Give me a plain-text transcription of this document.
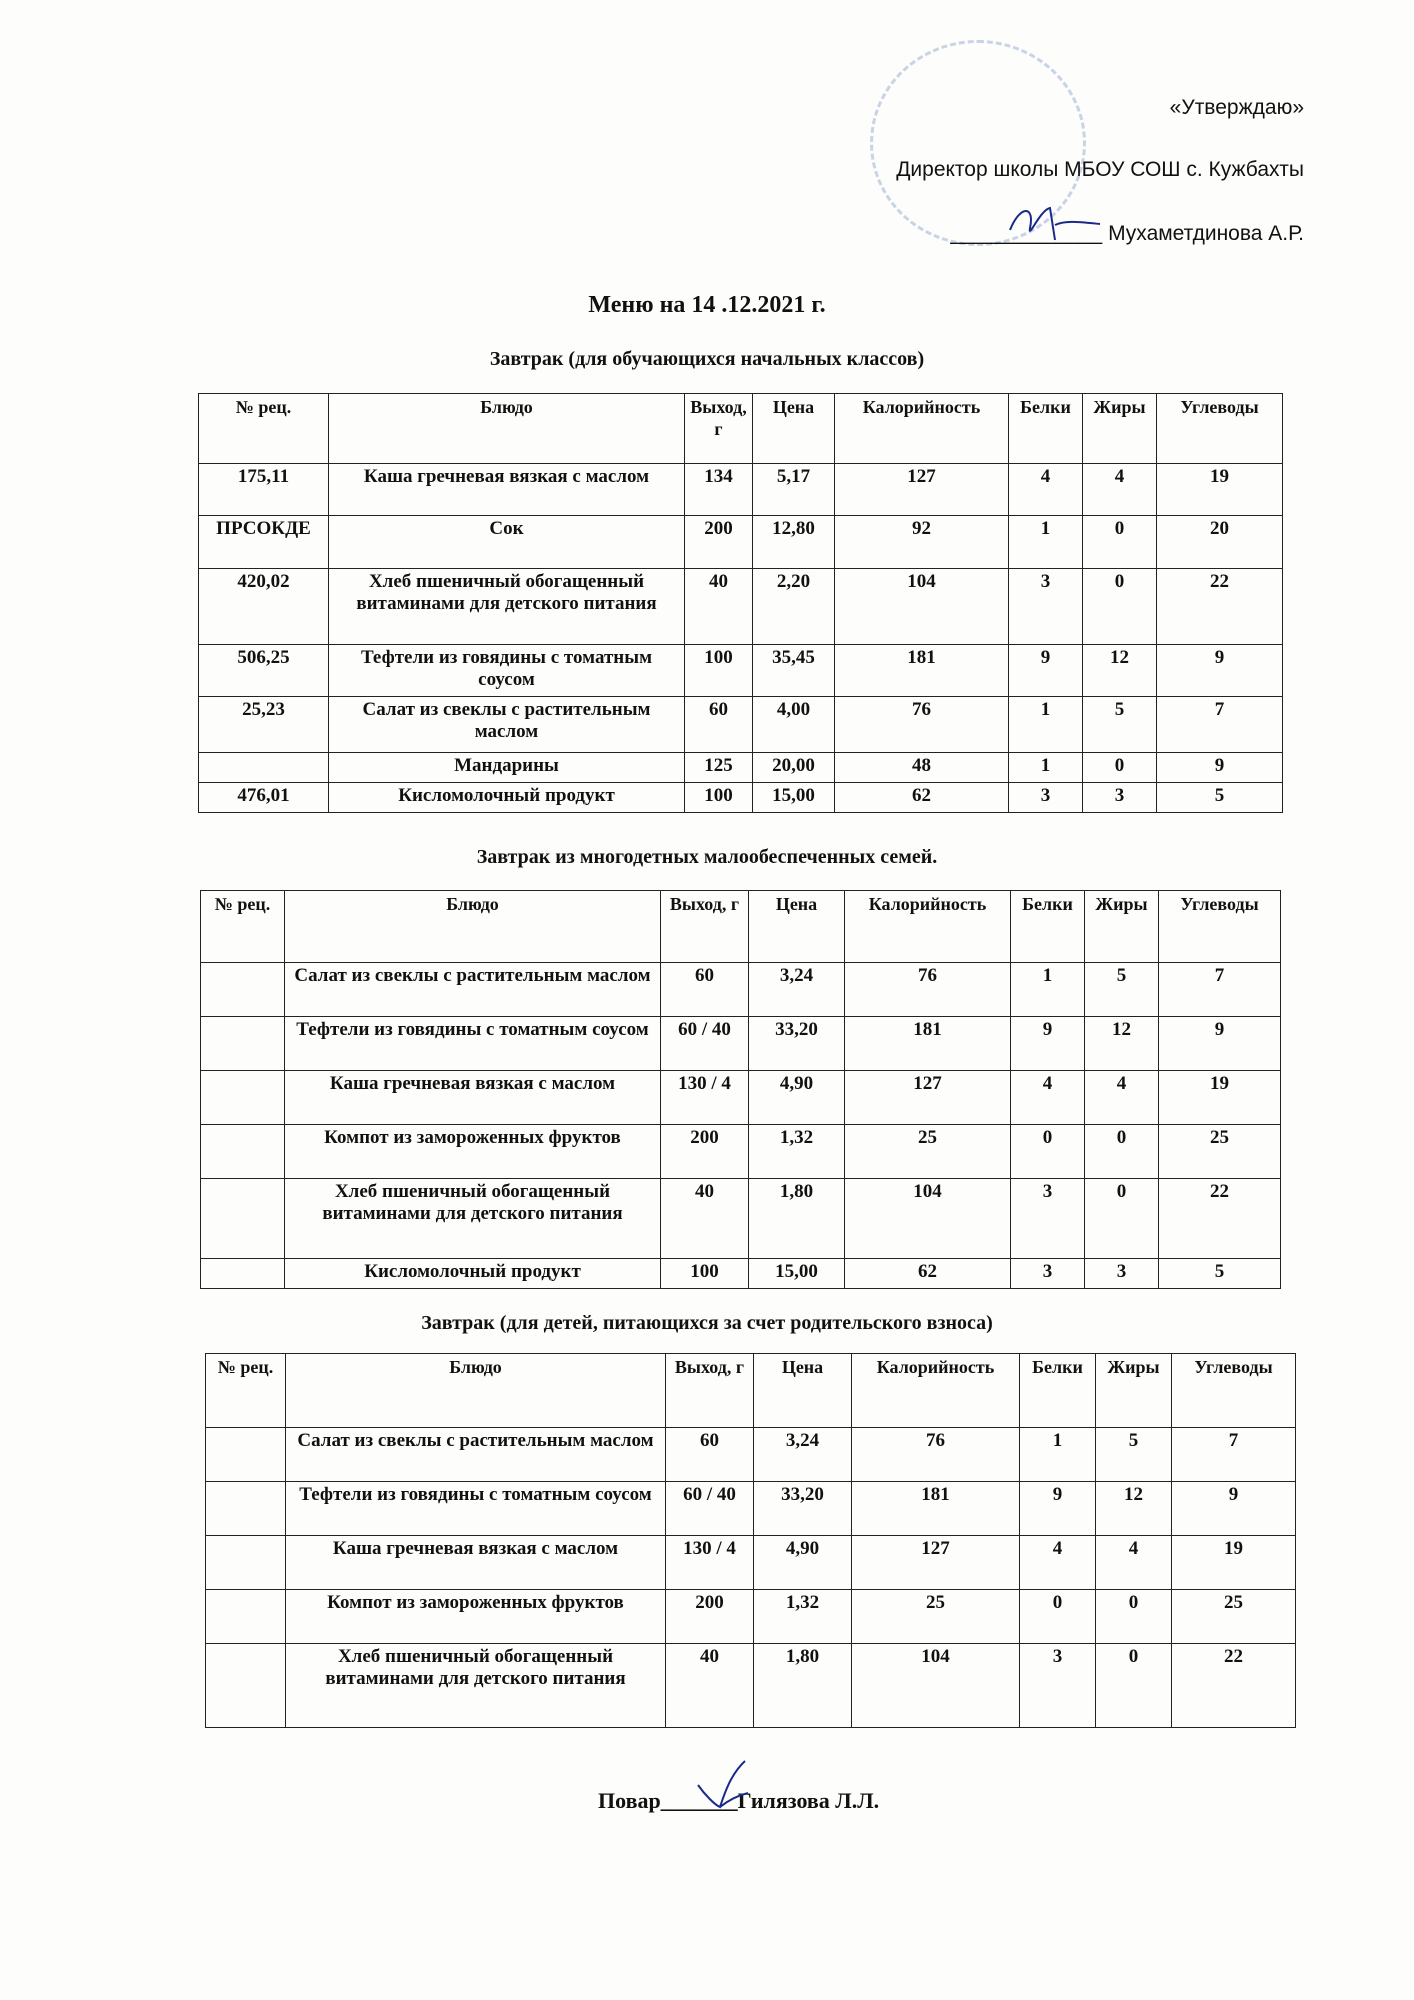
«Утверждаю»
Директор школы МБОУ СОШ с. Кужбахты
_____________ Мухаметдинова А.Р.
Меню на 14 .12.2021 г.
Завтрак (для обучающихся начальных классов)
№ рец.	Блюдо	Выход, г	Цена	Калорийность	Белки	Жиры	Углеводы
175,11	Каша гречневая вязкая с маслом	134	5,17	127	4	4	19
ПРСОКДЕ	Сок	200	12,80	92	1	0	20
420,02	Хлеб пшеничный обогащенный витаминами для детского питания	40	2,20	104	3	0	22
506,25	Тефтели из говядины с томатным соусом	100	35,45	181	9	12	9
25,23	Салат из свеклы с растительным маслом	60	4,00	76	1	5	7
	Мандарины	125	20,00	48	1	0	9
476,01	Кисломолочный продукт	100	15,00	62	3	3	5
Завтрак из многодетных малообеспеченных семей.
№ рец.	Блюдо	Выход, г	Цена	Калорийность	Белки	Жиры	Углеводы
	Салат из свеклы с растительным маслом	60	3,24	76	1	5	7
	Тефтели из говядины с томатным соусом	60 / 40	33,20	181	9	12	9
	Каша гречневая вязкая с маслом	130 / 4	4,90	127	4	4	19
	Компот из замороженных фруктов	200	1,32	25	0	0	25
	Хлеб пшеничный обогащенный витаминами для детского питания	40	1,80	104	3	0	22
	Кисломолочный продукт	100	15,00	62	3	3	5
Завтрак (для детей, питающихся за счет родительского взноса)
№ рец.	Блюдо	Выход, г	Цена	Калорийность	Белки	Жиры	Углеводы
	Салат из свеклы с растительным маслом	60	3,24	76	1	5	7
	Тефтели из говядины с томатным соусом	60 / 40	33,20	181	9	12	9
	Каша гречневая вязкая с маслом	130 / 4	4,90	127	4	4	19
	Компот из замороженных фруктов	200	1,32	25	0	0	25
	Хлеб пшеничный обогащенный витаминами для детского питания	40	1,80	104	3	0	22
Повар_______Гилязова Л.Л.
